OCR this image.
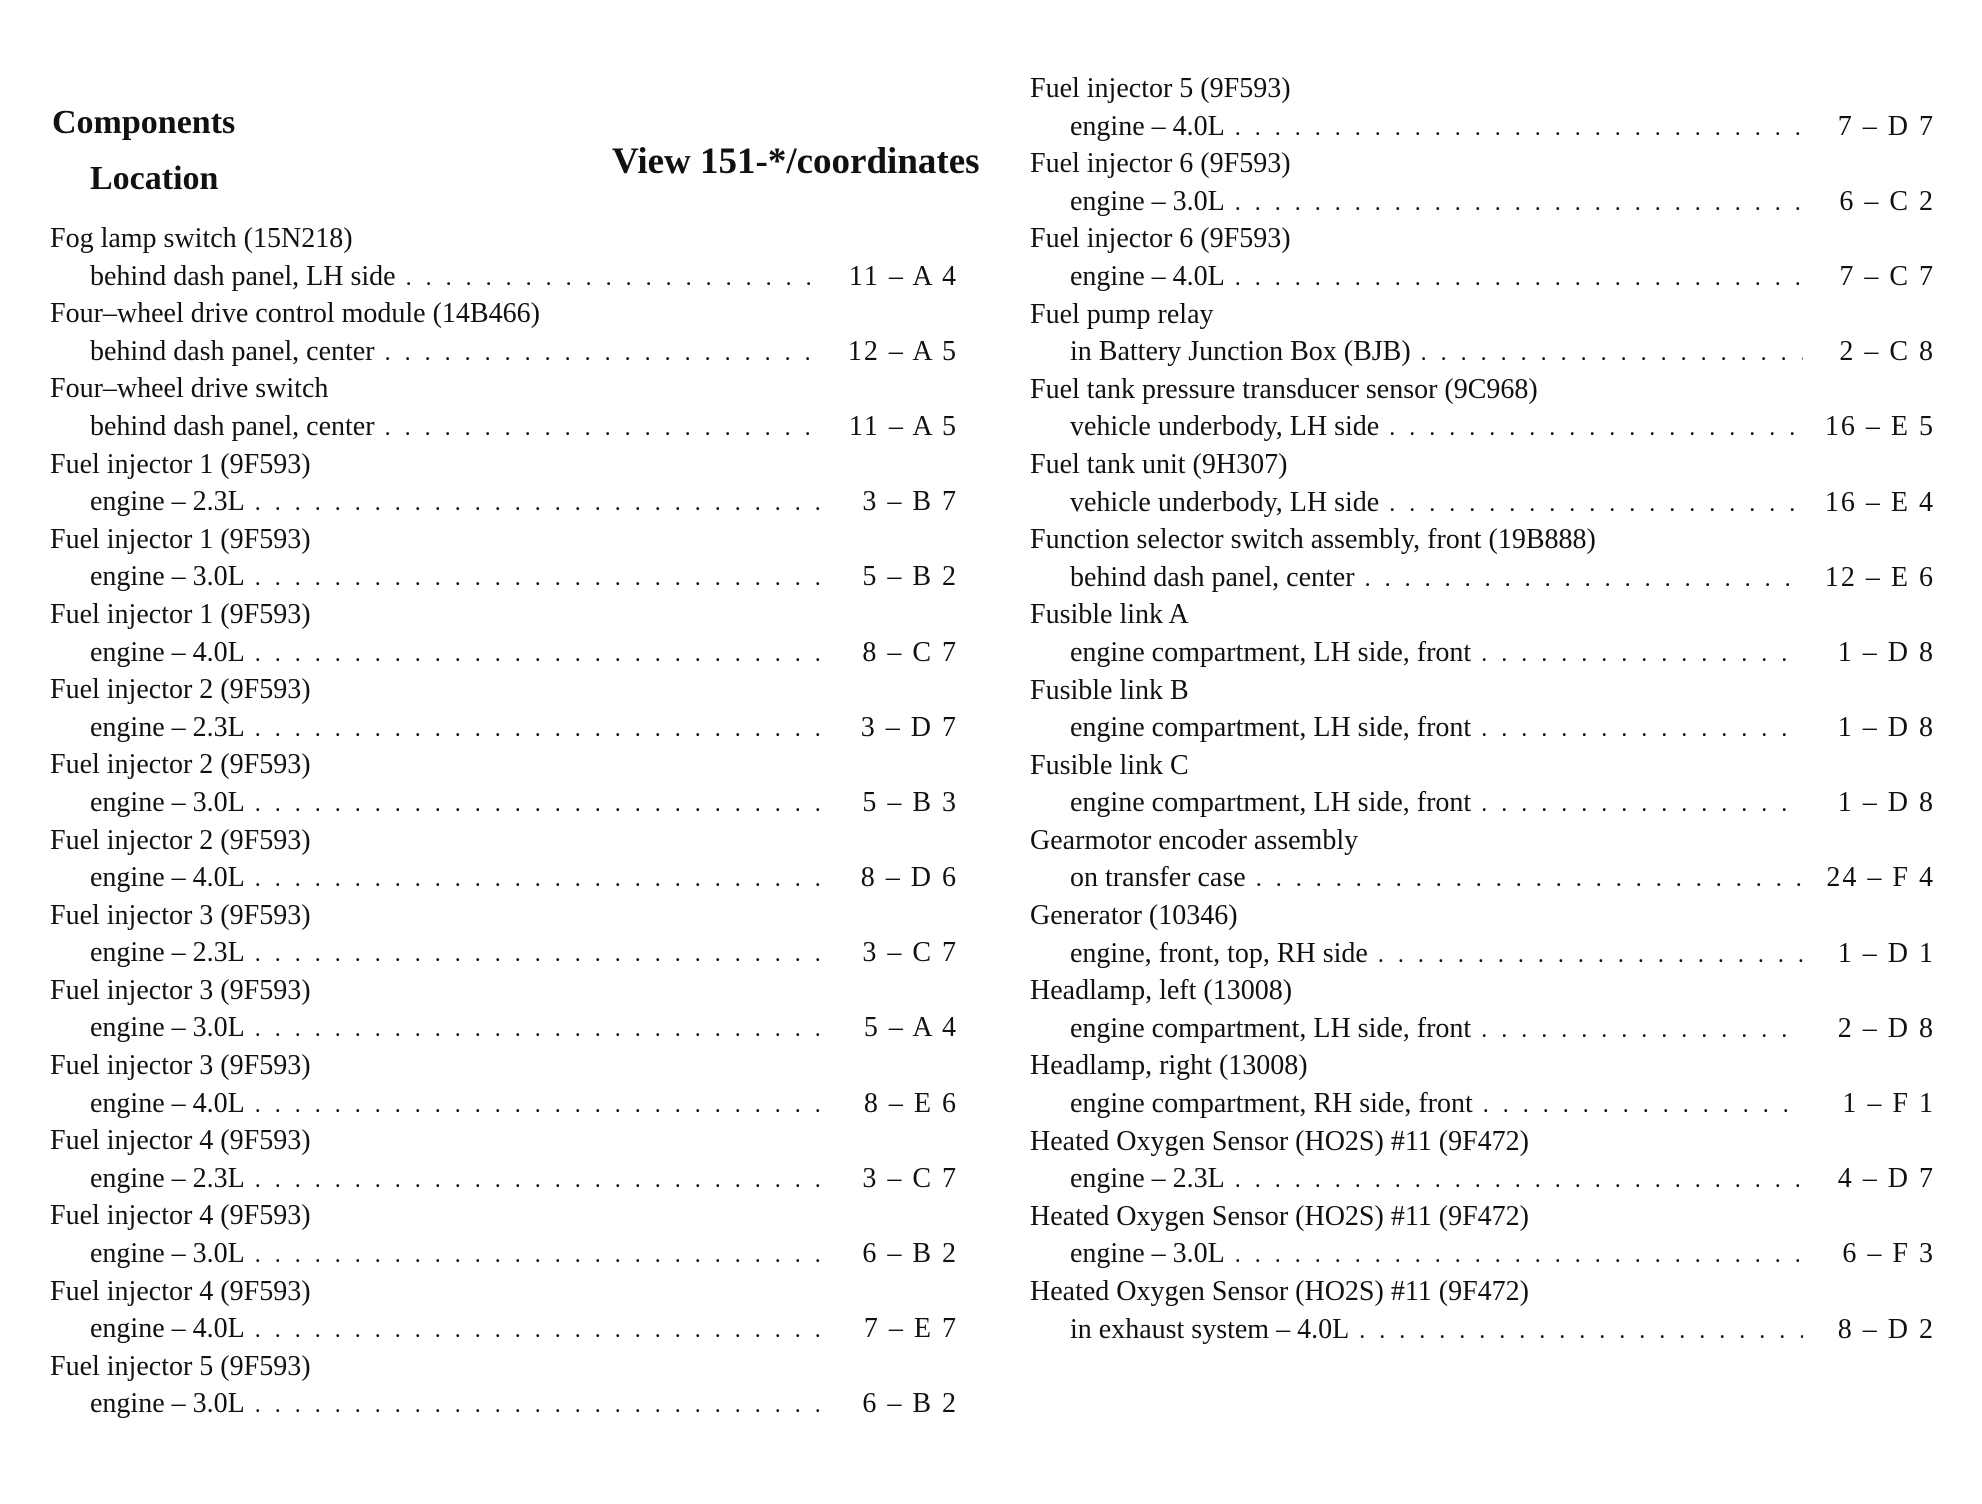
Components
Location	View 151-*/coordinates
Fog lamp switch (15N218)
behind dash panel, LH side . . .	11 – A 4
Four–wheel drive control module (14B466)
behind dash panel, center . . .	12 – A 5
Four–wheel drive switch
behind dash panel, center . . .	11 – A 5
Fuel injector 1 (9F593)
engine – 2.3L . . .	3 – B 7
Fuel injector 1 (9F593)
engine – 3.0L . . .	5 – B 2
Fuel injector 1 (9F593)
engine – 4.0L . . .	8 – C 7
Fuel injector 2 (9F593)
engine – 2.3L . . .	3 – D 7
Fuel injector 2 (9F593)
engine – 3.0L . . .	5 – B 3
Fuel injector 2 (9F593)
engine – 4.0L . . .	8 – D 6
Fuel injector 3 (9F593)
engine – 2.3L . . .	3 – C 7
Fuel injector 3 (9F593)
engine – 3.0L . . .	5 – A 4
Fuel injector 3 (9F593)
engine – 4.0L . . .	8 – E 6
Fuel injector 4 (9F593)
engine – 2.3L . . .	3 – C 7
Fuel injector 4 (9F593)
engine – 3.0L . . .	6 – B 2
Fuel injector 4 (9F593)
engine – 4.0L . . .	7 – E 7
Fuel injector 5 (9F593)
engine – 3.0L . . .	6 – B 2
Fuel injector 5 (9F593)
engine – 4.0L . . .	7 – D 7
Fuel injector 6 (9F593)
engine – 3.0L . . .	6 – C 2
Fuel injector 6 (9F593)
engine – 4.0L . . .	7 – C 7
Fuel pump relay
in Battery Junction Box (BJB) . . .	2 – C 8
Fuel tank pressure transducer sensor (9C968)
vehicle underbody, LH side . . .	16 – E 5
Fuel tank unit (9H307)
vehicle underbody, LH side . . .	16 – E 4
Function selector switch assembly, front (19B888)
behind dash panel, center . . .	12 – E 6
Fusible link A
engine compartment, LH side, front . . .	1 – D 8
Fusible link B
engine compartment, LH side, front . . .	1 – D 8
Fusible link C
engine compartment, LH side, front . . .	1 – D 8
Gearmotor encoder assembly
on transfer case . . .	24 – F 4
Generator (10346)
engine, front, top, RH side . . .	1 – D 1
Headlamp, left (13008)
engine compartment, LH side, front . . .	2 – D 8
Headlamp, right (13008)
engine compartment, RH side, front . . .	1 – F 1
Heated Oxygen Sensor (HO2S) #11 (9F472)
engine – 2.3L . . .	4 – D 7
Heated Oxygen Sensor (HO2S) #11 (9F472)
engine – 3.0L . . .	6 – F 3
Heated Oxygen Sensor (HO2S) #11 (9F472)
in exhaust system – 4.0L . . .	8 – D 2
